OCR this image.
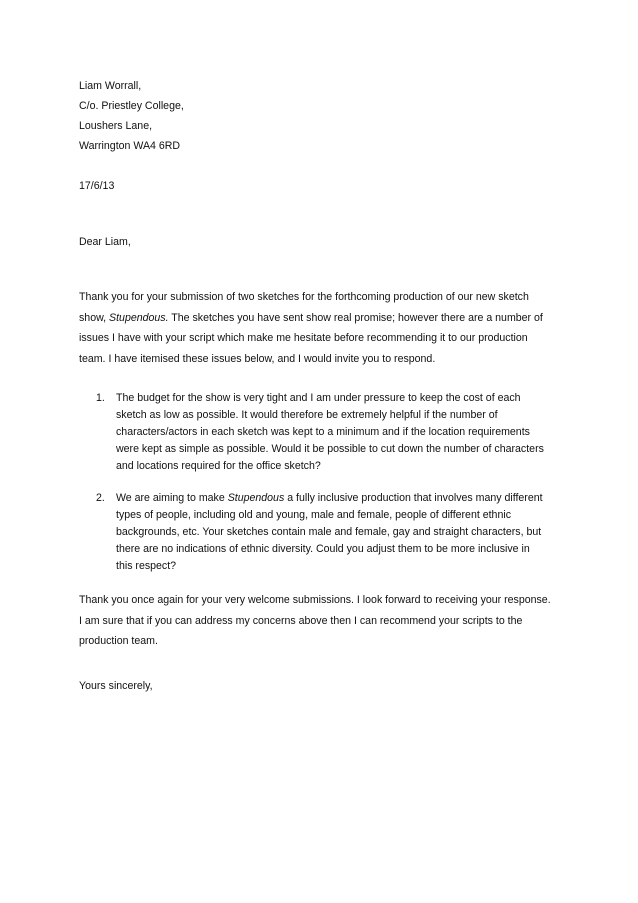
Liam Worrall,
C/o. Priestley College,
Loushers Lane,
Warrington WA4 6RD
17/6/13
Dear Liam,
Thank you for your submission of two sketches for the forthcoming production of our new sketch
show, Stupendous. The sketches you have sent show real promise; however there are a number of
issues I have with your script which make me hesitate before recommending it to our production
team. I have itemised these issues below, and I would invite you to respond.
1. The budget for the show is very tight and I am under pressure to keep the cost of each
sketch as low as possible. It would therefore be extremely helpful if the number of
characters/actors in each sketch was kept to a minimum and if the location requirements
were kept as simple as possible. Would it be possible to cut down the number of characters
and locations required for the office sketch?
2. We are aiming to make Stupendous a fully inclusive production that involves many different
types of people, including old and young, male and female, people of different ethnic
backgrounds, etc. Your sketches contain male and female, gay and straight characters, but
there are no indications of ethnic diversity. Could you adjust them to be more inclusive in
this respect?
Thank you once again for your very welcome submissions. I look forward to receiving your response.
I am sure that if you can address my concerns above then I can recommend your scripts to the
production team.
Yours sincerely,
